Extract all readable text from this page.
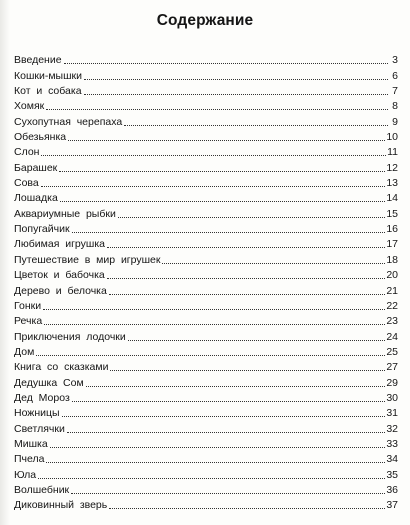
Содержание
Введение	3
Кошки-мышки	6
Кот  и  собака	7
Хомяк	8
Сухопутная  черепаха	9
Обезьянка	10
Слон	11
Барашек	12
Сова	13
Лошадка	14
Аквариумные  рыбки	15
Попугайчик	16
Любимая  игрушка	17
Путешествие  в  мир  игрушек	18
Цветок  и  бабочка	20
Дерево  и  белочка	21
Гонки	22
Речка	23
Приключения  лодочки	24
Дом	25
Книга  со  сказками	27
Дедушка  Сом	29
Дед  Мороз	30
Ножницы	31
Светлячки	32
Мишка	33
Пчела	34
Юла	35
Волшебник	36
Диковинный  зверь	37
